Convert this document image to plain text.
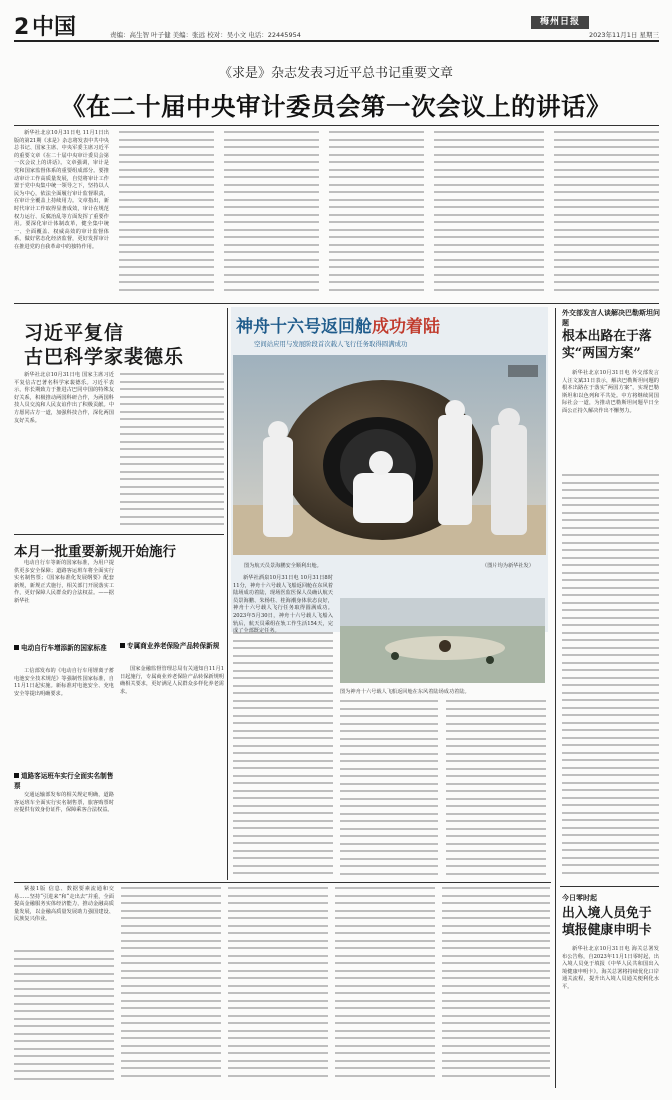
2 中国	责编：高生智 叶子健 美编：张远 校对：吴小文 电话：22445954
梅州日报
2023年11月1日 星期三
《求是》杂志发表习近平总书记重要文章
《在二十届中央审计委员会第一次会议上的讲话》

新华社北京10月31日电 11月1日出版的第21期《求是》杂志将发表中共中央总书记、国家主席、中央军委主席习近平的重要文章《在二十届中央审计委员会第一次会议上的讲话》。文章强调，审计是党和国家监督体系的重要组成部分。要推动审计工作高质量发展，自觉将审计工作置于党中央集中统一领导之下，坚持以人民为中心，依法全面履行审计监督职责，在审计全覆盖上持续用力。文章指出，新时代审计工作取得显著成效，审计在规范权力运行、反腐治乱等方面发挥了重要作用。要深化审计体制改革，健全集中统一、全面覆盖、权威高效的审计监督体系，做好常态化经济监督，更好发挥审计在推进党的自我革命中的独特作用。

习近平复信
古巴科学家裴德乐

新华社北京10月31日电 国家主席习近平复信古巴著名科学家裴德乐。习近平表示，你长期致力于推进古巴同中国的特殊友好关系，积极推动两国科研合作，为两国科技人员交流和人民友谊作出了积极贡献。中方愿同古方一道，加强科技合作，深化两国友好关系。

本月一批重要新规开始施行

电动自行车等新的国家标准，为用户提供更多安全保障；道路客运班车将全面实行实名制售票；《国家标准化发展纲要》配套新规，新规正式施行，相关部门开展落实工作，更好保障人民群众的合法权益。——据新华社

电动自行车增添新的国家标准

工信部发布的《电动自行车用锂离子蓄电池安全技术规范》等强制性国家标准，自11月1日起实施。新标准对电池安全、充电安全等提出明确要求。

道路客运班车实行全面实名制售票

交通运输部发布的相关规定明确，道路客运班车全面实行实名制售票，旅客购票时应提供有效身份证件，保障乘客合法权益。

专属商业养老保险产品转保新规

国家金融监督管理总局有关通知自11月1日起施行，专属商业养老保险产品转保新规明确相关要求，更好满足人民群众多样化养老需求。

神舟十六号返回舱成功着陆
空间站应用与发展阶段首次载人飞行任务取得圆满成功
图为航天员景海鹏安全顺利出舱。	（图片均为新华社发）

新华社酒泉10月31日电 10月31日8时11分，神舟十六号载人飞船返回舱在东风着陆场成功着陆，现场医监医保人员确认航天员景海鹏、朱杨柱、桂海潮身体状态良好，神舟十六号载人飞行任务取得圆满成功。2023年5月30日，神舟十六号载人飞船入轨后，航天员乘组在轨工作生活154天，完

图为神舟十六号载人飞船返回舱在东风着陆场成功着陆。
外交部发言人谈解决巴勒斯坦问题
根本出路在于落实“两国方案”

新华社北京10月31日电 外交部发言人汪文斌31日表示，解决巴勒斯坦问题的根本出路在于落实“两国方案”，实现巴勒斯坦和以色列和平共处。中方将继续同国际社会一道，为推动巴勒斯坦问题早日全面公正持久解决作出不懈努力。

今日零时起
出入境人员免于填报健康申明卡

新华社北京10月31日电 海关总署发布公告称，自2023年11月1日零时起，出入境人员免于填报《中华人民共和国出入境健康申明卡》。海关总署将持续优化口岸通关流程，提升出入境人员通关便利化水平。

紧接1版 信息、数据要素流通和交易……坚持“引进来”和“走出去”并重，全面提高金融服务实体经济能力，推动金融高质量发展，以金融高质量发展助力强国建设、民族复兴伟业。
